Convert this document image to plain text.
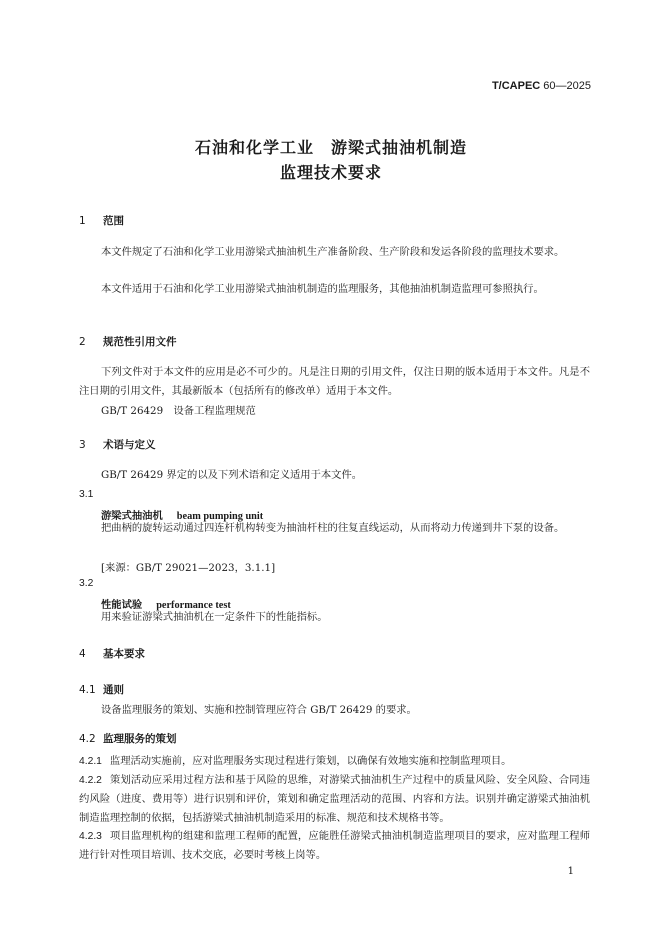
T/CAPEC 60—2025
石油和化学工业　游梁式抽油机制造
监理技术要求
1 范围
本文件规定了石油和化学工业用游梁式抽油机生产准备阶段、生产阶段和发运各阶段的监理技术要求。
本文件适用于石油和化学工业用游梁式抽油机制造的监理服务，其他抽油机制造监理可参照执行。
2 规范性引用文件
下列文件对于本文件的应用是必不可少的。凡是注日期的引用文件，仅注日期的版本适用于本文件。凡是不注日期的引用文件，其最新版本（包括所有的修改单）适用于本文件。
GB/T 26429　设备工程监理规范
3 术语与定义
GB/T 26429 界定的以及下列术语和定义适用于本文件。
3.1
游梁式抽油机 beam pumping unit
把曲柄的旋转运动通过四连杆机构转变为抽油杆柱的往复直线运动，从而将动力传递到井下泵的设备。
[来源：GB/T 29021—2023，3.1.1]
3.2
性能试验 performance test
用来验证游梁式抽油机在一定条件下的性能指标。
4 基本要求
4.1 通则
设备监理服务的策划、实施和控制管理应符合 GB/T 26429 的要求。
4.2 监理服务的策划
4.2.1 监理活动实施前，应对监理服务实现过程进行策划，以确保有效地实施和控制监理项目。
4.2.2 策划活动应采用过程方法和基于风险的思维，对游梁式抽油机生产过程中的质量风险、安全风险、合同违约风险（进度、费用等）进行识别和评价，策划和确定监理活动的范围、内容和方法。识别并确定游梁式抽油机制造监理控制的依据，包括游梁式抽油机制造采用的标准、规范和技术规格书等。
4.2.3 项目监理机构的组建和监理工程师的配置，应能胜任游梁式抽油机制造监理项目的要求，应对监理工程师进行针对性项目培训、技术交底，必要时考核上岗等。
1
